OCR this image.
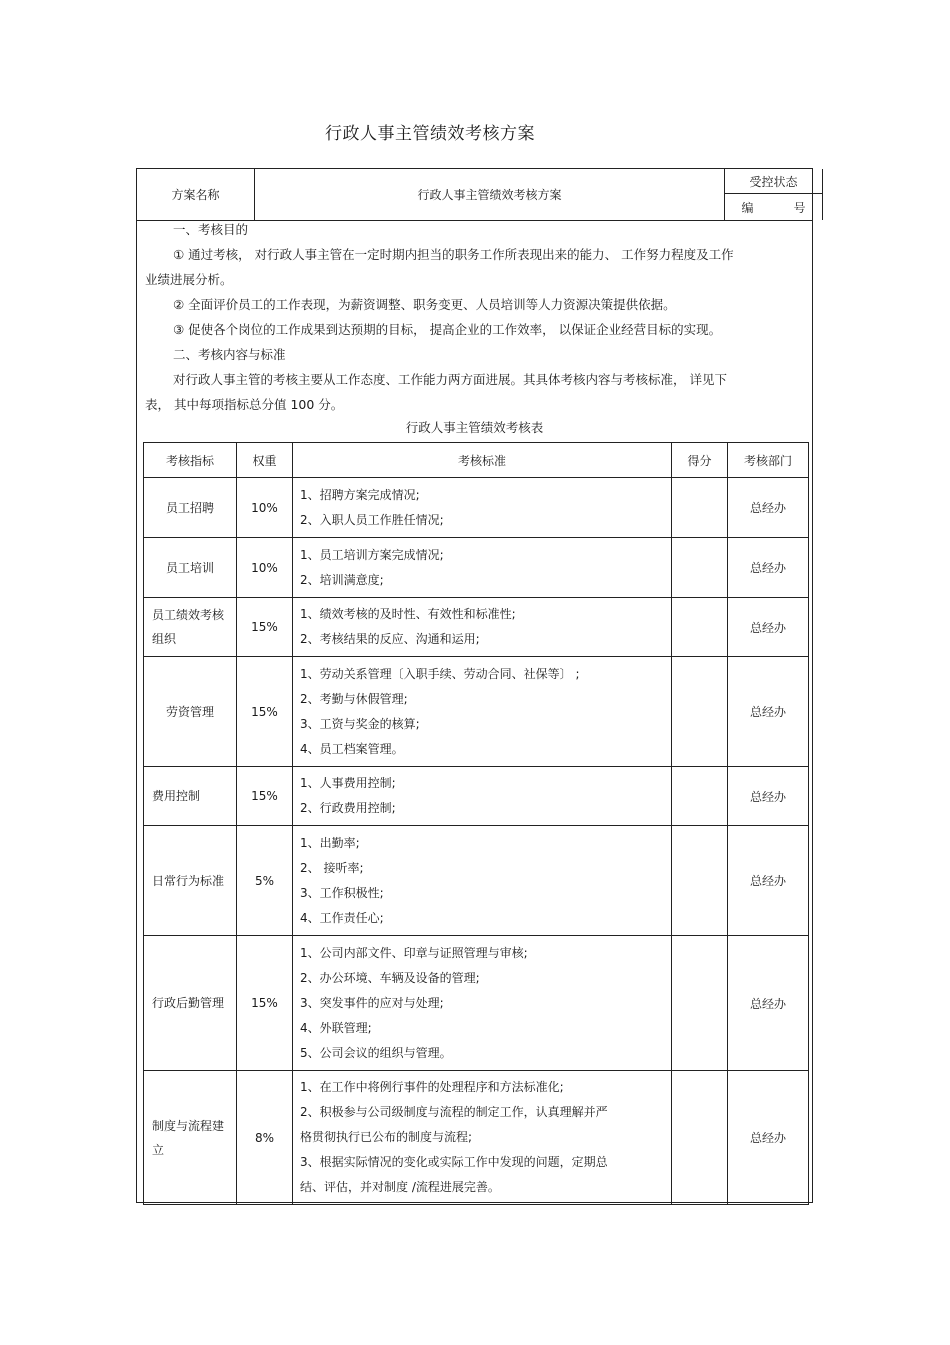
行政人事主管绩效考核方案
方案名称	行政人事主管绩效考核方案
受控状态
编	号
一、考核目的
① 通过考核， 对行政人事主管在一定时期内担当的职务工作所表现出来的能力、 工作努力程度及工作
业绩进展分析。
② 全面评价员工的工作表现，为薪资调整、职务变更、人员培训等人力资源决策提供依据。
③ 促使各个岗位的工作成果到达预期的目标， 提高企业的工作效率， 以保证企业经营目标的实现。
二、考核内容与标准
对行政人事主管的考核主要从工作态度、工作能力两方面进展。其具体考核内容与考核标准， 详见下
表， 其中每项指标总分值 100 分。
行政人事主管绩效考核表
考核指标	权重	考核标准	得分	考核部门
员工招聘	10%	1、招聘方案完成情况;
2、入职人员工作胜任情况;		总经办
员工培训	10%	1、员工培训方案完成情况;
2、培训满意度;		总经办
员工绩效考核组织	15%	1、绩效考核的及时性、有效性和标准性;
2、考核结果的反应、沟通和运用;		总经办
劳资管理	15%	1、劳动关系管理〔入职手续、劳动合同、社保等〕 ;
2、考勤与休假管理;
3、工资与奖金的核算;
4、员工档案管理。		总经办
费用控制	15%	1、人事费用控制;
2、行政费用控制;		总经办
日常行为标准	5%	1、出勤率;
2、 接听率;
3、工作积极性;
4、工作责任心;		总经办
行政后勤管理	15%	1、公司内部文件、印章与证照管理与审核;
2、办公环境、车辆及设备的管理;
3、突发事件的应对与处理;
4、外联管理;
5、公司会议的组织与管理。		总经办
制度与流程建立	8%	1、在工作中将例行事件的处理程序和方法标准化;
2、积极参与公司级制度与流程的制定工作，认真理解并严
格贯彻执行已公布的制度与流程;
3、根据实际情况的变化或实际工作中发现的问题，定期总
结、评估，并对制度 /流程进展完善。		总经办
